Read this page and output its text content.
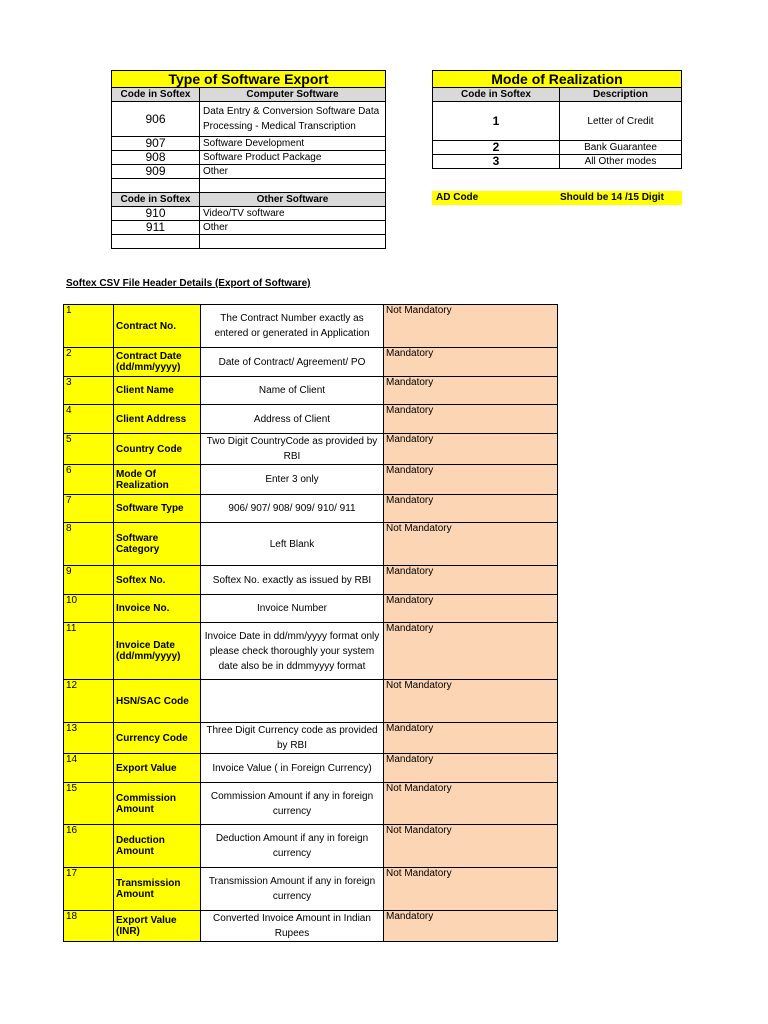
Type of Software Export	
Code in Softex	Computer Software
906	Data Entry & Conversion Software Data Processing - Medical Transcription
907	Software Development
908	Software Product Package
909	Other

Code in Softex	Other Software
910	Video/TV software
911	Other

Mode of Realization	
Code in Softex	Description
1	Letter of Credit
2	Bank Guarantee
3	All Other modes
AD Code	Should be 14 /15 Digit
Softex CSV File Header Details (Export of Software)
1	Contract No.	The Contract Number exactly as entered or generated in Application	Not Mandatory
2	Contract Date (dd/mm/yyyy)	Date of Contract/ Agreement/ PO	Mandatory
3	Client Name	Name of Client	Mandatory
4	Client Address	Address of Client	Mandatory
5	Country Code	Two Digit CountryCode as provided by RBI	Mandatory
6	Mode Of Realization	Enter 3 only	Mandatory
7	Software Type	906/ 907/ 908/ 909/ 910/ 911	Mandatory
8	Software Category	Left Blank	Not Mandatory
9	Softex No.	Softex No. exactly as issued by RBI	Mandatory
10	Invoice No.	Invoice Number	Mandatory
11	Invoice Date (dd/mm/yyyy)	Invoice Date in dd/mm/yyyy format only please check thoroughly your system date also be in ddmmyyyy format	Mandatory
12	HSN/SAC Code		Not Mandatory
13	Currency Code	Three Digit Currency code as provided by RBI	Mandatory
14	Export Value	Invoice Value ( in Foreign Currency)	Mandatory
15	Commission Amount	Commission Amount if any in foreign currency	Not Mandatory
16	Deduction Amount	Deduction Amount if any in foreign currency	Not Mandatory
17	Transmission Amount	Transmission Amount if any in foreign currency	Not Mandatory
18	Export Value (INR)	Converted Invoice Amount in Indian Rupees	Mandatory
